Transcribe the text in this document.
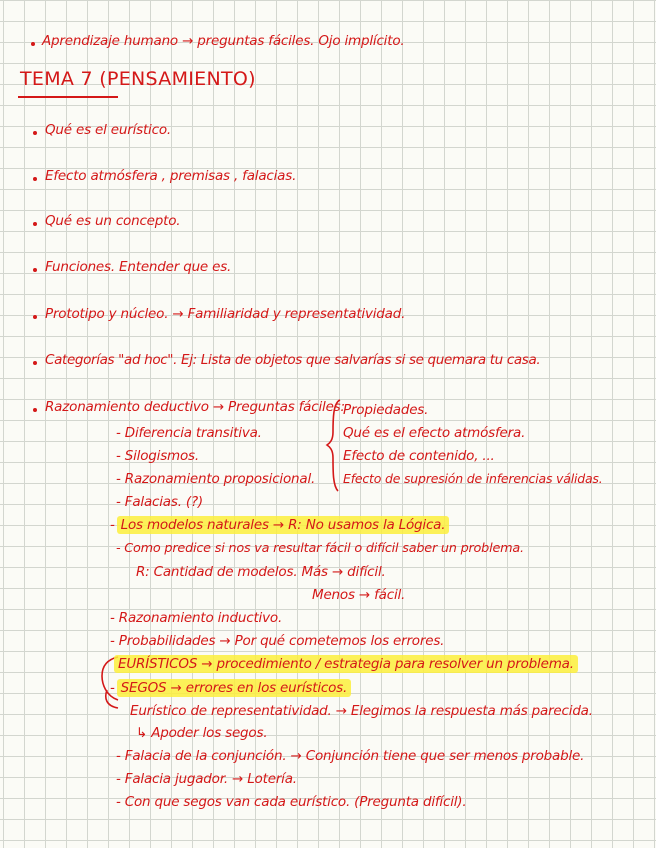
Aprendizaje humano → preguntas fáciles. Ojo implícito.
TEMA 7 (PENSAMIENTO)
Qué es el eurístico.
Efecto atmósfera , premisas , falacias.
Qué es un concepto.
Funciones. Entender que es.
Prototipo y núcleo. → Familiaridad y representatividad.
Categorías "ad hoc". Ej: Lista de objetos que salvarías si se quemara tu casa.
Razonamiento deductivo → Preguntas fáciles:
Propiedades.
Qué es el efecto atmósfera.
Efecto de contenido, ...
Efecto de supresión de inferencias válidas.
- Diferencia transitiva.
- Silogismos.
- Razonamiento proposicional.
- Falacias. (?)
- Los modelos naturales → R: No usamos la Lógica.
- Como predice si nos va resultar fácil o difícil saber un problema.
R: Cantidad de modelos. Más → difícil.
Menos → fácil.
- Razonamiento inductivo.
- Probabilidades → Por qué cometemos los errores.
EURÍSTICOS → procedimiento / estrategia para resolver un problema.
- SEGOS → errores en los eurísticos.
Eurístico de representatividad. → Elegimos la respuesta más parecida.
↳ Apoder los segos.
- Falacia de la conjunción. → Conjunción tiene que ser menos probable.
- Falacia jugador. → Lotería.
- Con que segos van cada eurístico. (Pregunta difícil).
